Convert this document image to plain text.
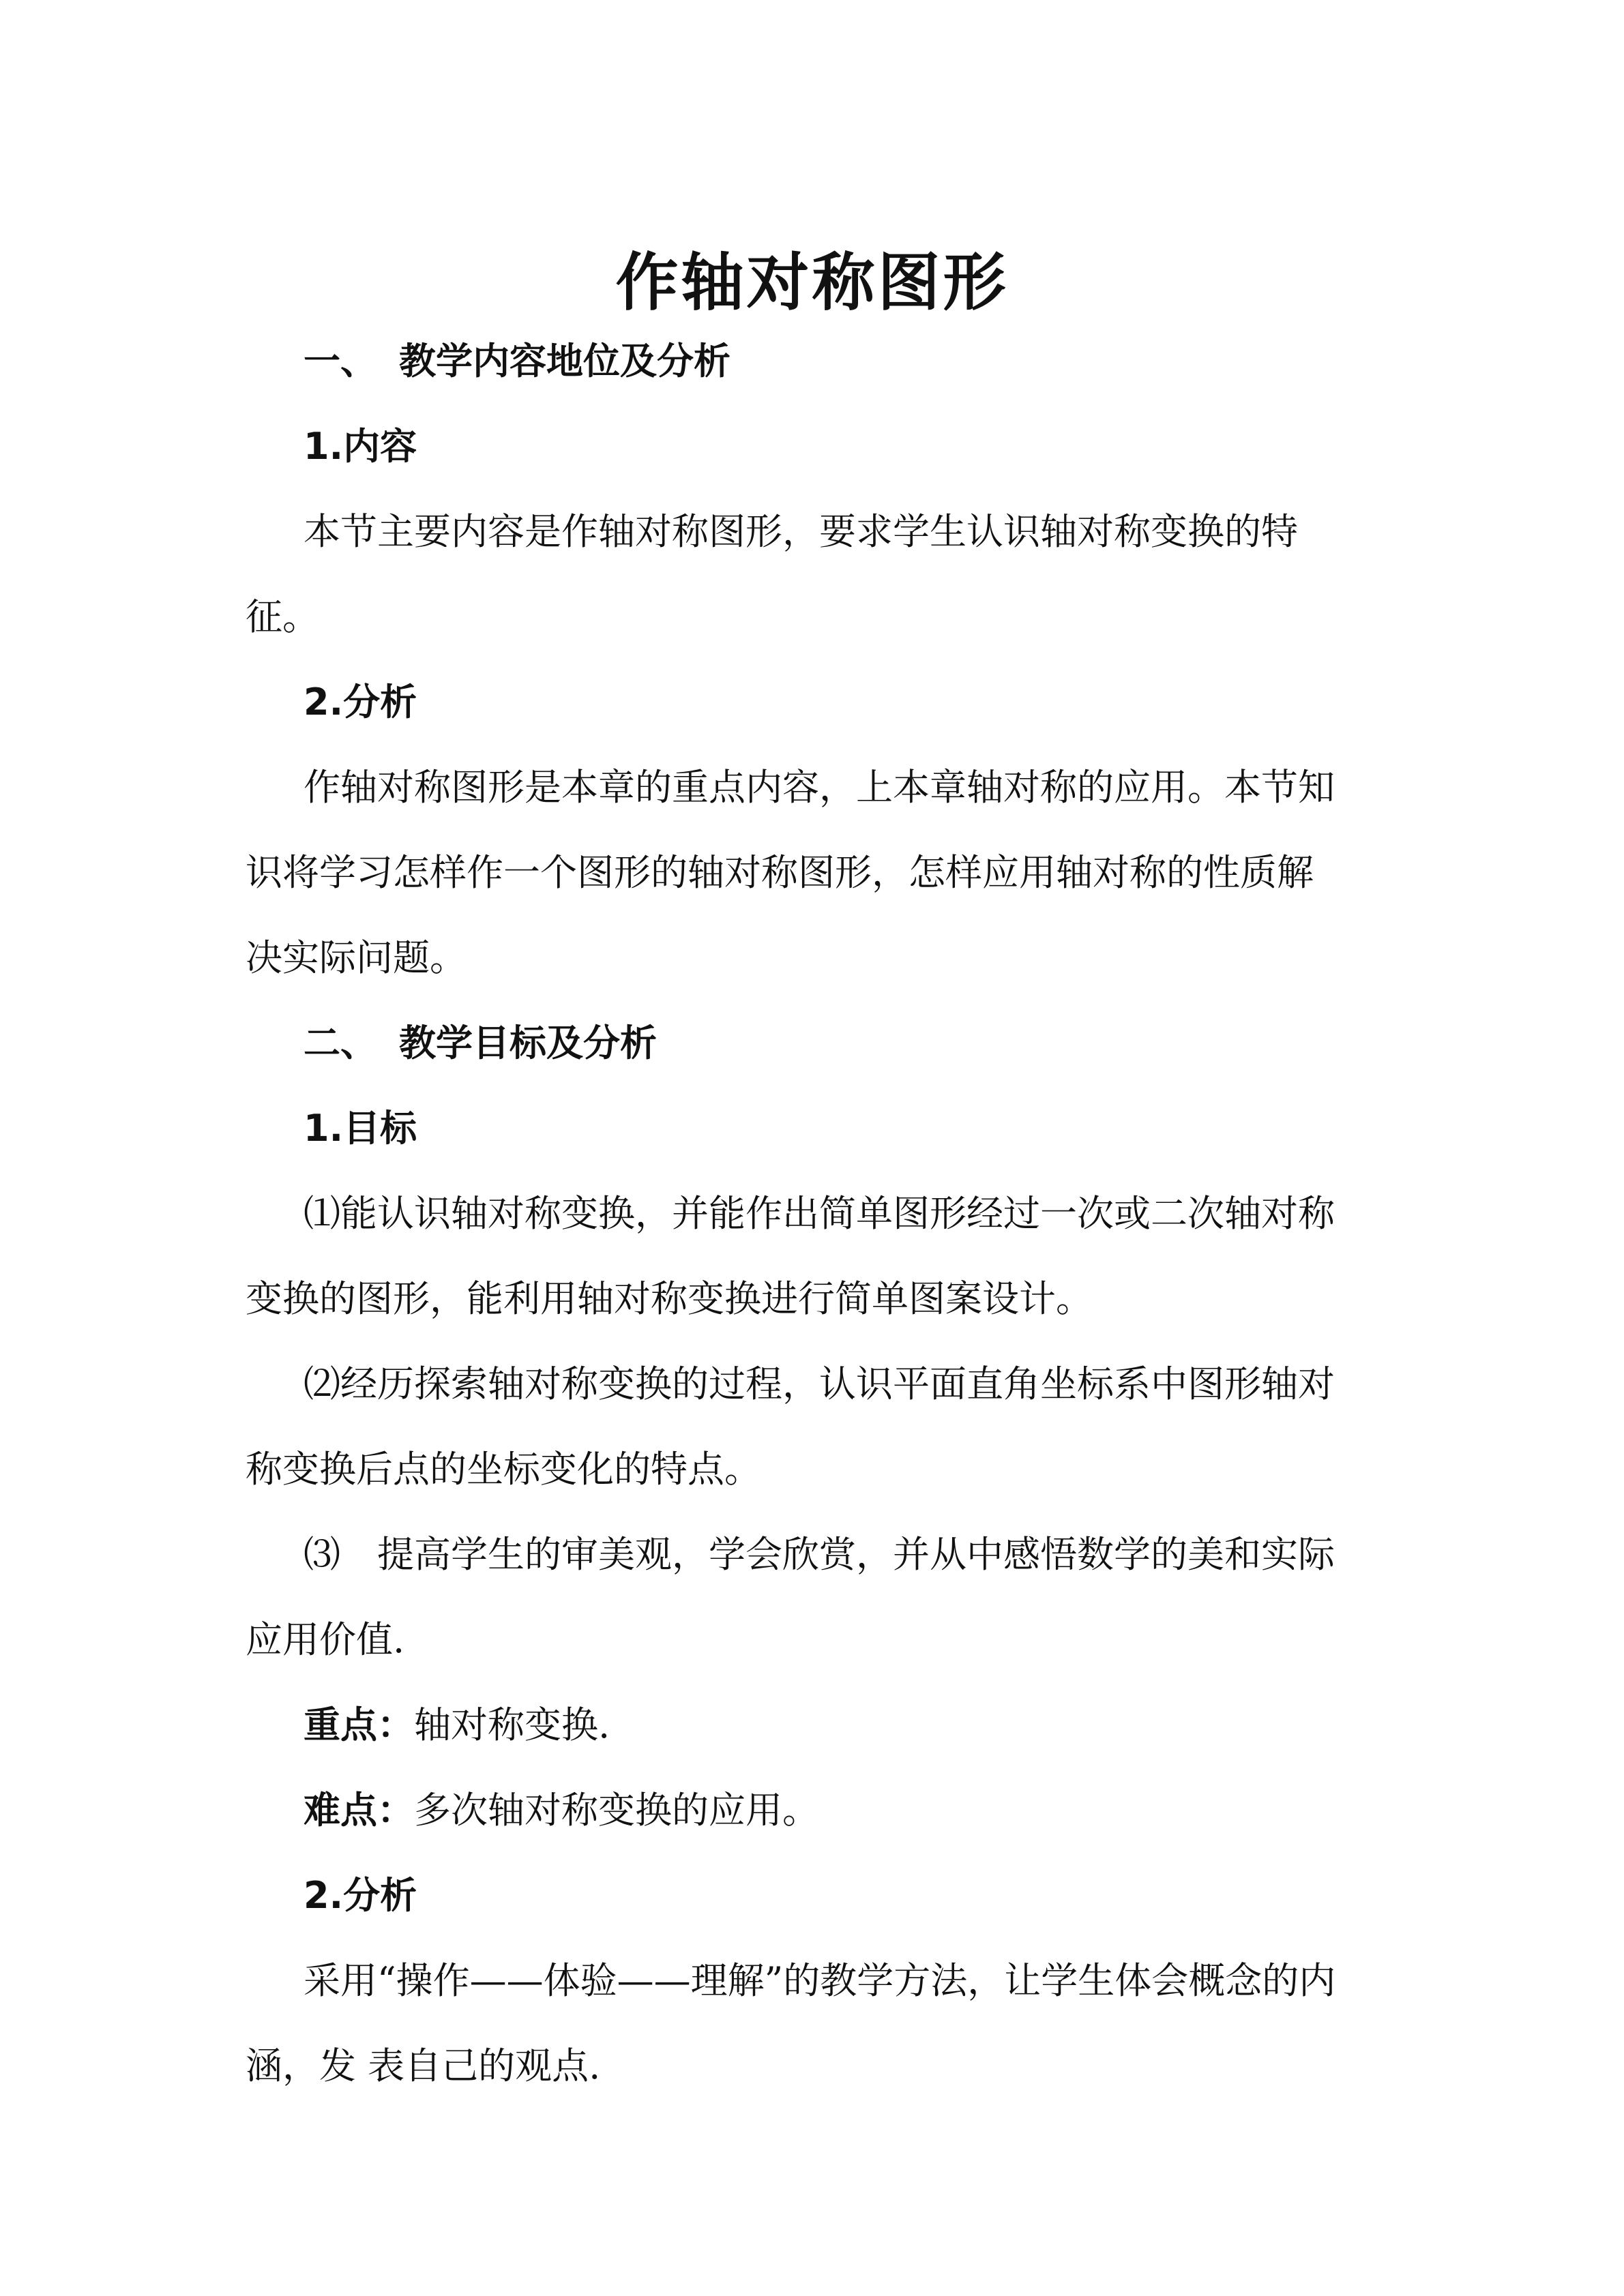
作轴对称图形
一、 教学内容地位及分析
1.内容
本节主要内容是作轴对称图形，要求学生认识轴对称变换的特
征。
2.分析
作轴对称图形是本章的重点内容，上本章轴对称的应用。本节知
识将学习怎样作一个图形的轴对称图形，怎样应用轴对称的性质解
决实际问题。
二、 教学目标及分析
1.目标
⑴能认识轴对称变换，并能作出简单图形经过一次或二次轴对称
变换的图形，能利用轴对称变换进行简单图案设计。
⑵经历探索轴对称变换的过程，认识平面直角坐标系中图形轴对
称变换后点的坐标变化的特点。
⑶　提高学生的审美观，学会欣赏，并从中感悟数学的美和实际
应用价值.
重点：轴对称变换.
难点：多次轴对称变换的应用。
2.分析
采用“操作——体验——理解”的教学方法，让学生体会概念的内
涵，发 表自己的观点.
